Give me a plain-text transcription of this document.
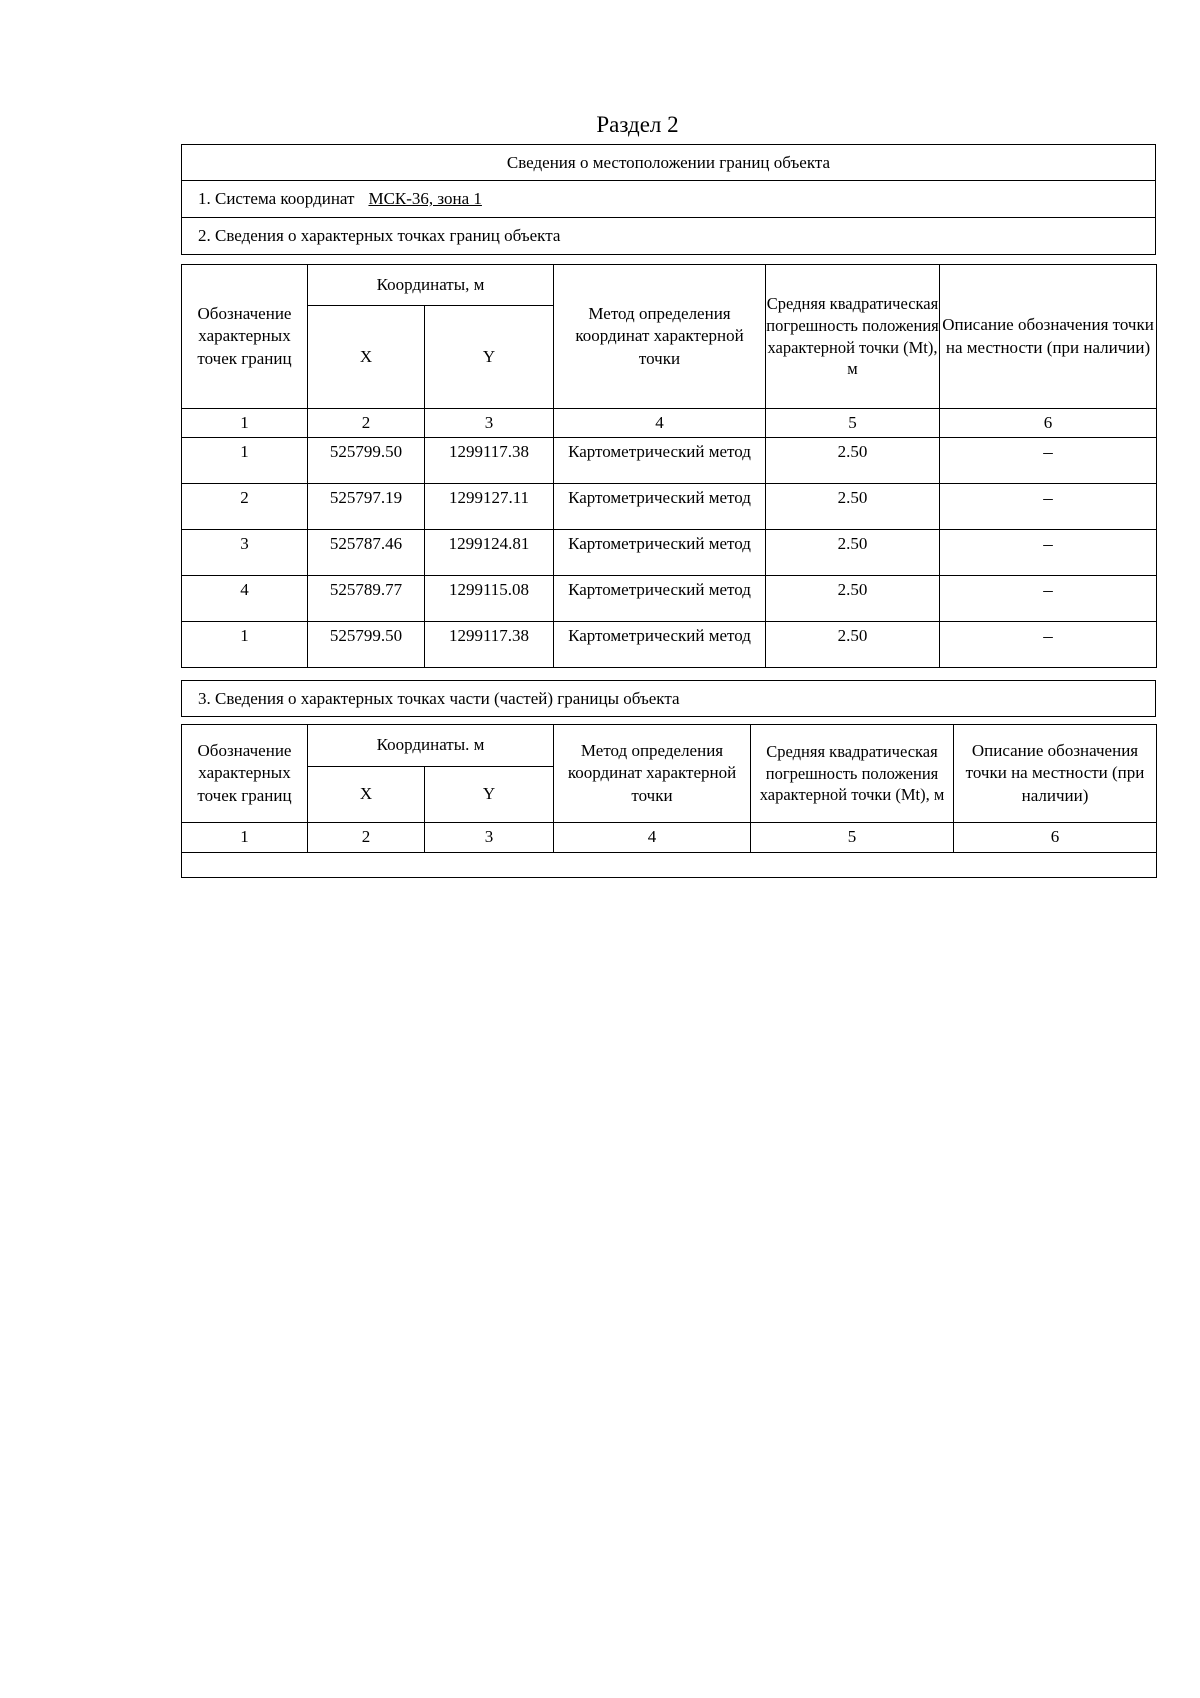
Раздел 2
Сведения о местоположении границ объекта
1. Система координат МСК-36, зона 1
2. Сведения о характерных точках границ объекта
Обозначение характерных точек границ	Координаты, м		Метод определения координат характерной точки	Средняя квадратическая погрешность положения характерной точки (Mt), м	Описание обозначения точки на местности (при наличии)
	X	Y			
1	2	3	4	5	6
1	525799.50	1299117.38	Картометрический метод	2.50	–
2	525797.19	1299127.11	Картометрический метод	2.50	–
3	525787.46	1299124.81	Картометрический метод	2.50	–
4	525789.77	1299115.08	Картометрический метод	2.50	–
1	525799.50	1299117.38	Картометрический метод	2.50	–
3. Сведения о характерных точках части (частей) границы объекта
Обозначение характерных точек границ	Координаты. м		Метод определения координат характерной точки	Средняя квадратическая погрешность положения характерной точки (Mt), м	Описание обозначения точки на местности (при наличии)
	X	Y			
1	2	3	4	5	6
